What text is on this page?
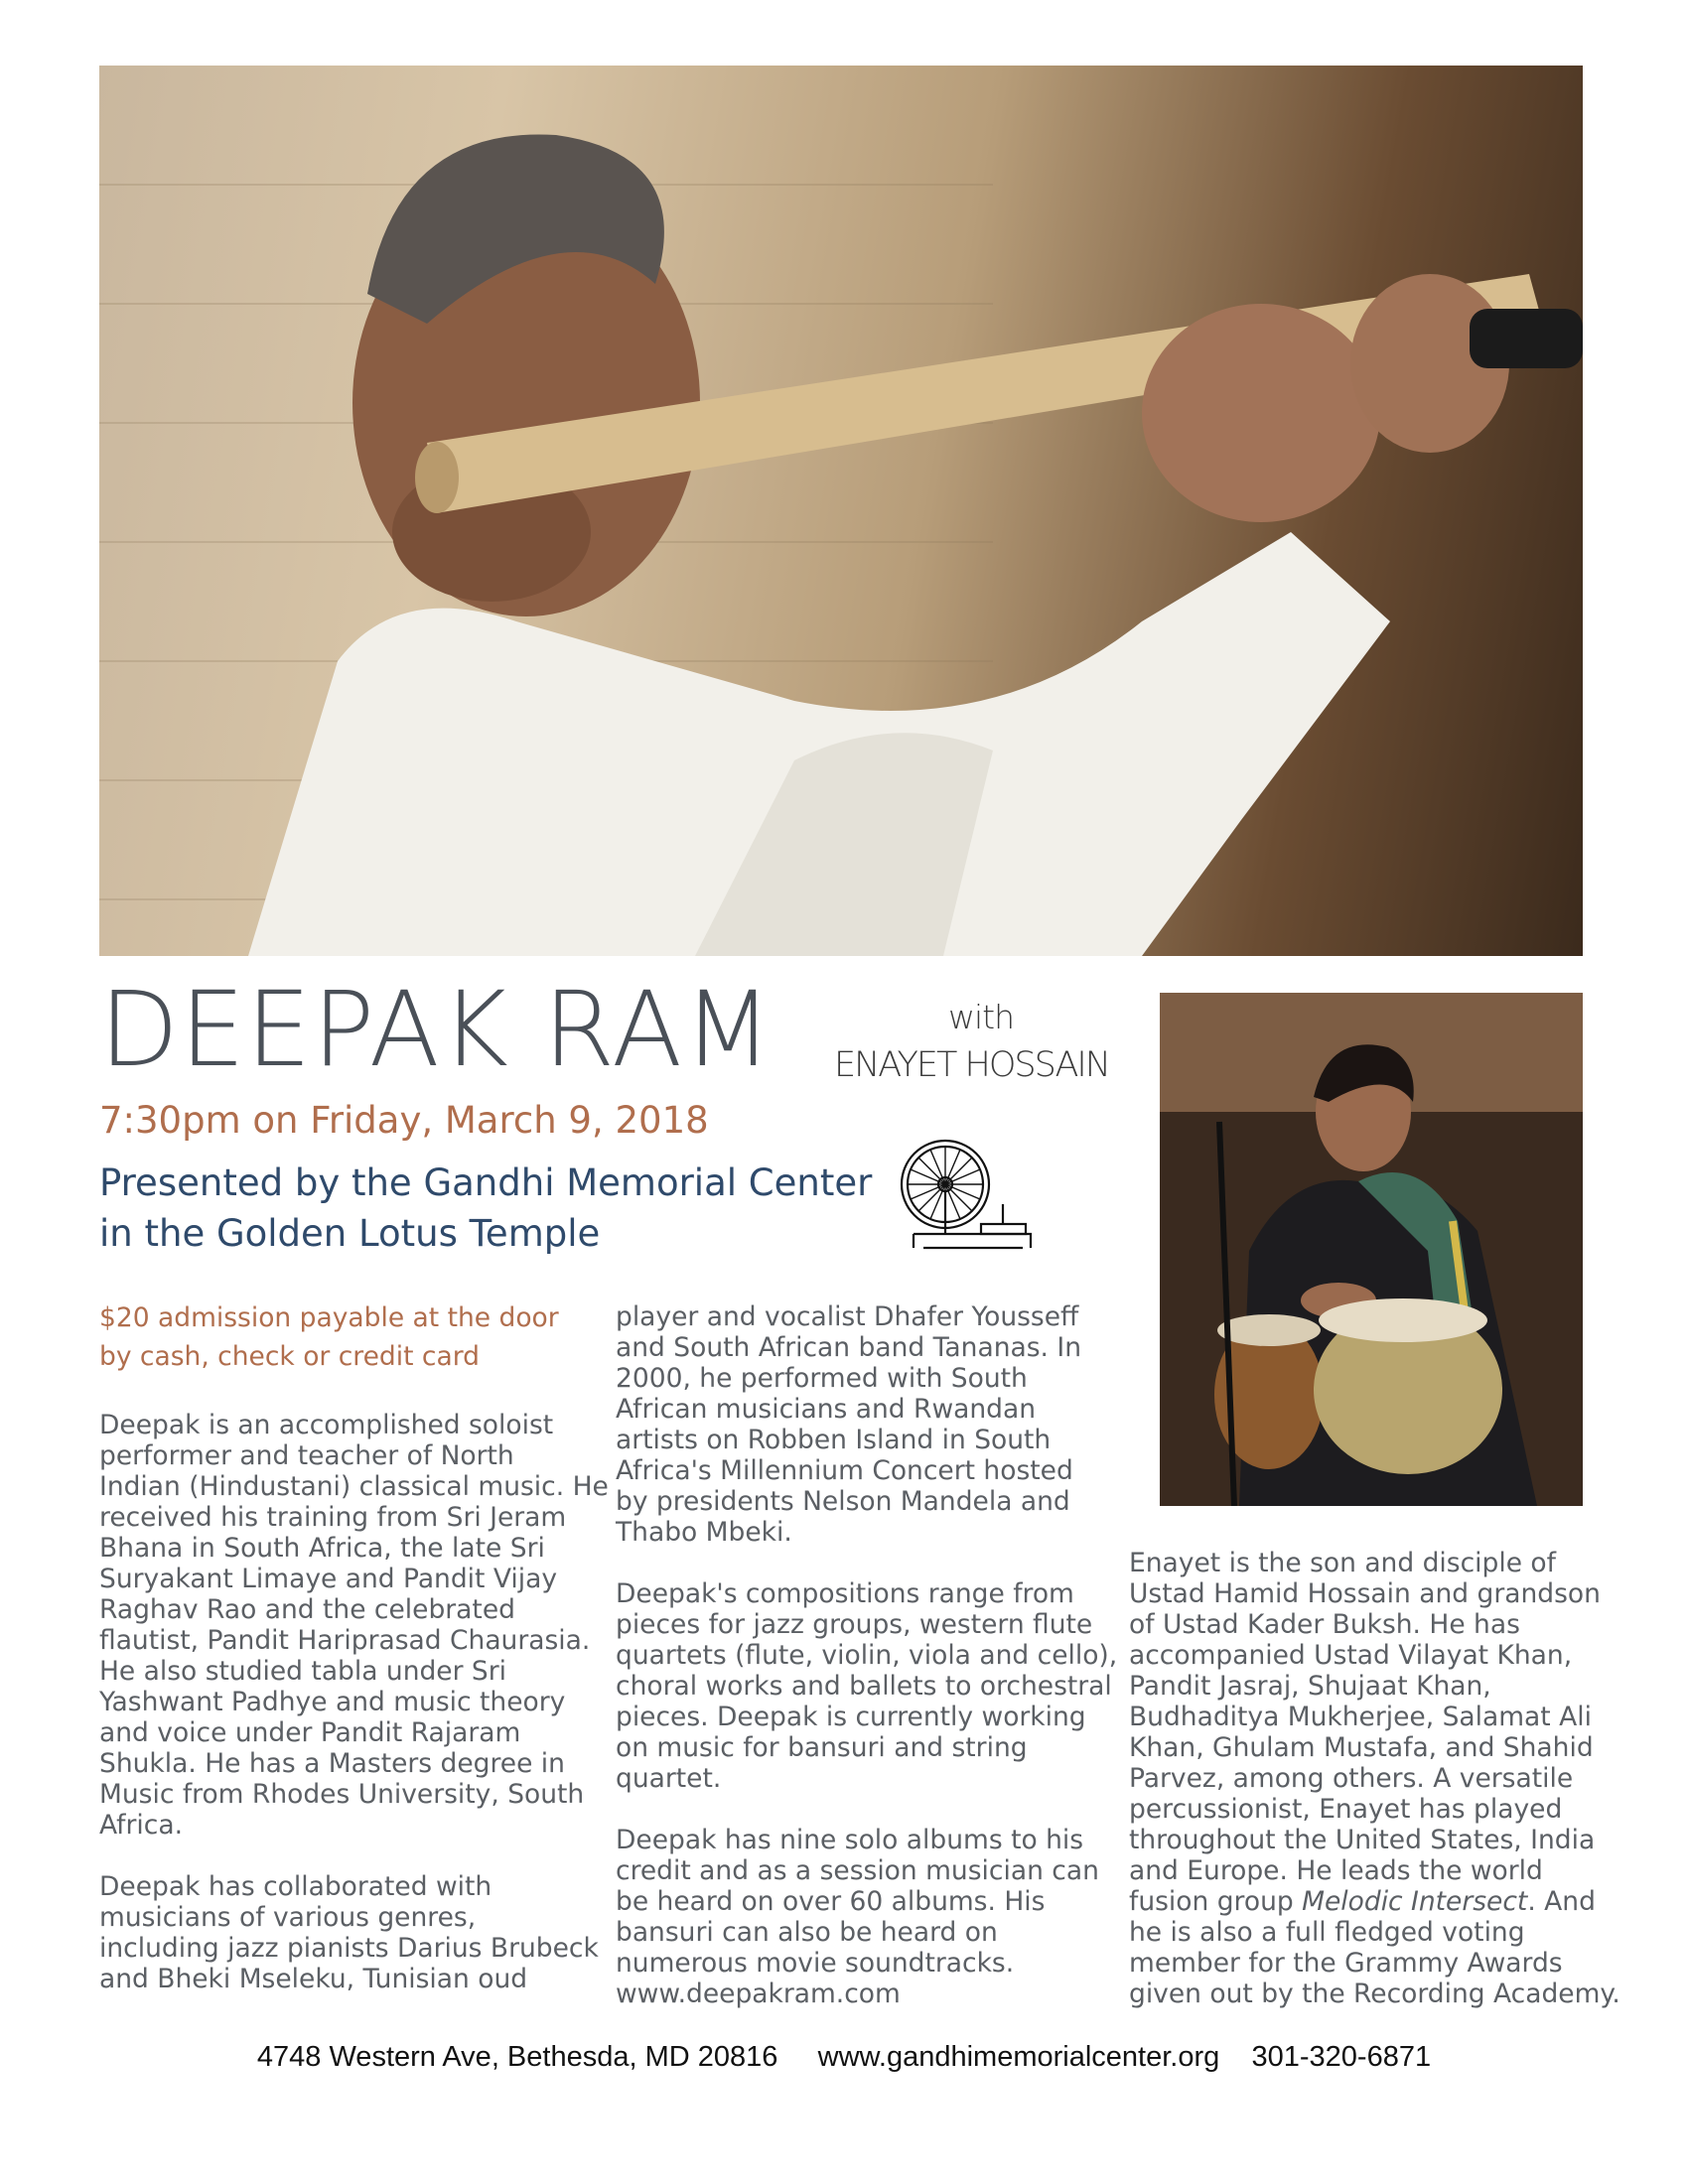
DEEPAK RAM	with
ENAYET HOSSAIN
7:30pm on Friday, March 9, 2018
Presented by the Gandhi Memorial Center
in the Golden Lotus Temple
$20 admission payable at the door
by cash, check or credit card

Deepak is an accomplished soloist
performer and teacher of North
Indian (Hindustani) classical music. He
received his training from Sri Jeram
Bhana in South Africa, the late Sri
Suryakant Limaye and Pandit Vijay
Raghav Rao and the celebrated
flautist, Pandit Hariprasad Chaurasia.
He also studied tabla under Sri
Yashwant Padhye and music theory
and voice under Pandit Rajaram
Shukla. He has a Masters degree in
Music from Rhodes University, South
Africa.

Deepak has collaborated with
musicians of various genres,
including jazz pianists Darius Brubeck
and Bheki Mseleku, Tunisian oud

player and vocalist Dhafer Yousseff
and South African band Tananas. In
2000, he performed with South
African musicians and Rwandan
artists on Robben Island in South
Africa's Millennium Concert hosted
by presidents Nelson Mandela and
Thabo Mbeki.

Deepak's compositions range from
pieces for jazz groups, western flute
quartets (flute, violin, viola and cello),
choral works and ballets to orchestral
pieces. Deepak is currently working
on music for bansuri and string
quartet.

Deepak has nine solo albums to his
credit and as a session musician can
be heard on over 60 albums. His
bansuri can also be heard on
numerous movie soundtracks.
www.deepakram.com

Enayet is the son and disciple of
Ustad Hamid Hossain and grandson
of Ustad Kader Buksh. He has
accompanied Ustad Vilayat Khan,
Pandit Jasraj, Shujaat Khan,
Budhaditya Mukherjee, Salamat Ali
Khan, Ghulam Mustafa, and Shahid
Parvez, among others. A versatile
percussionist, Enayet has played
throughout the United States, India
and Europe. He leads the world
fusion group Melodic Intersect. And
he is also a full fledged voting
member for the Grammy Awards
given out by the Recording Academy.

4748 Western Ave, Bethesda, MD 20816     www.gandhimemorialcenter.org    301-320-6871
